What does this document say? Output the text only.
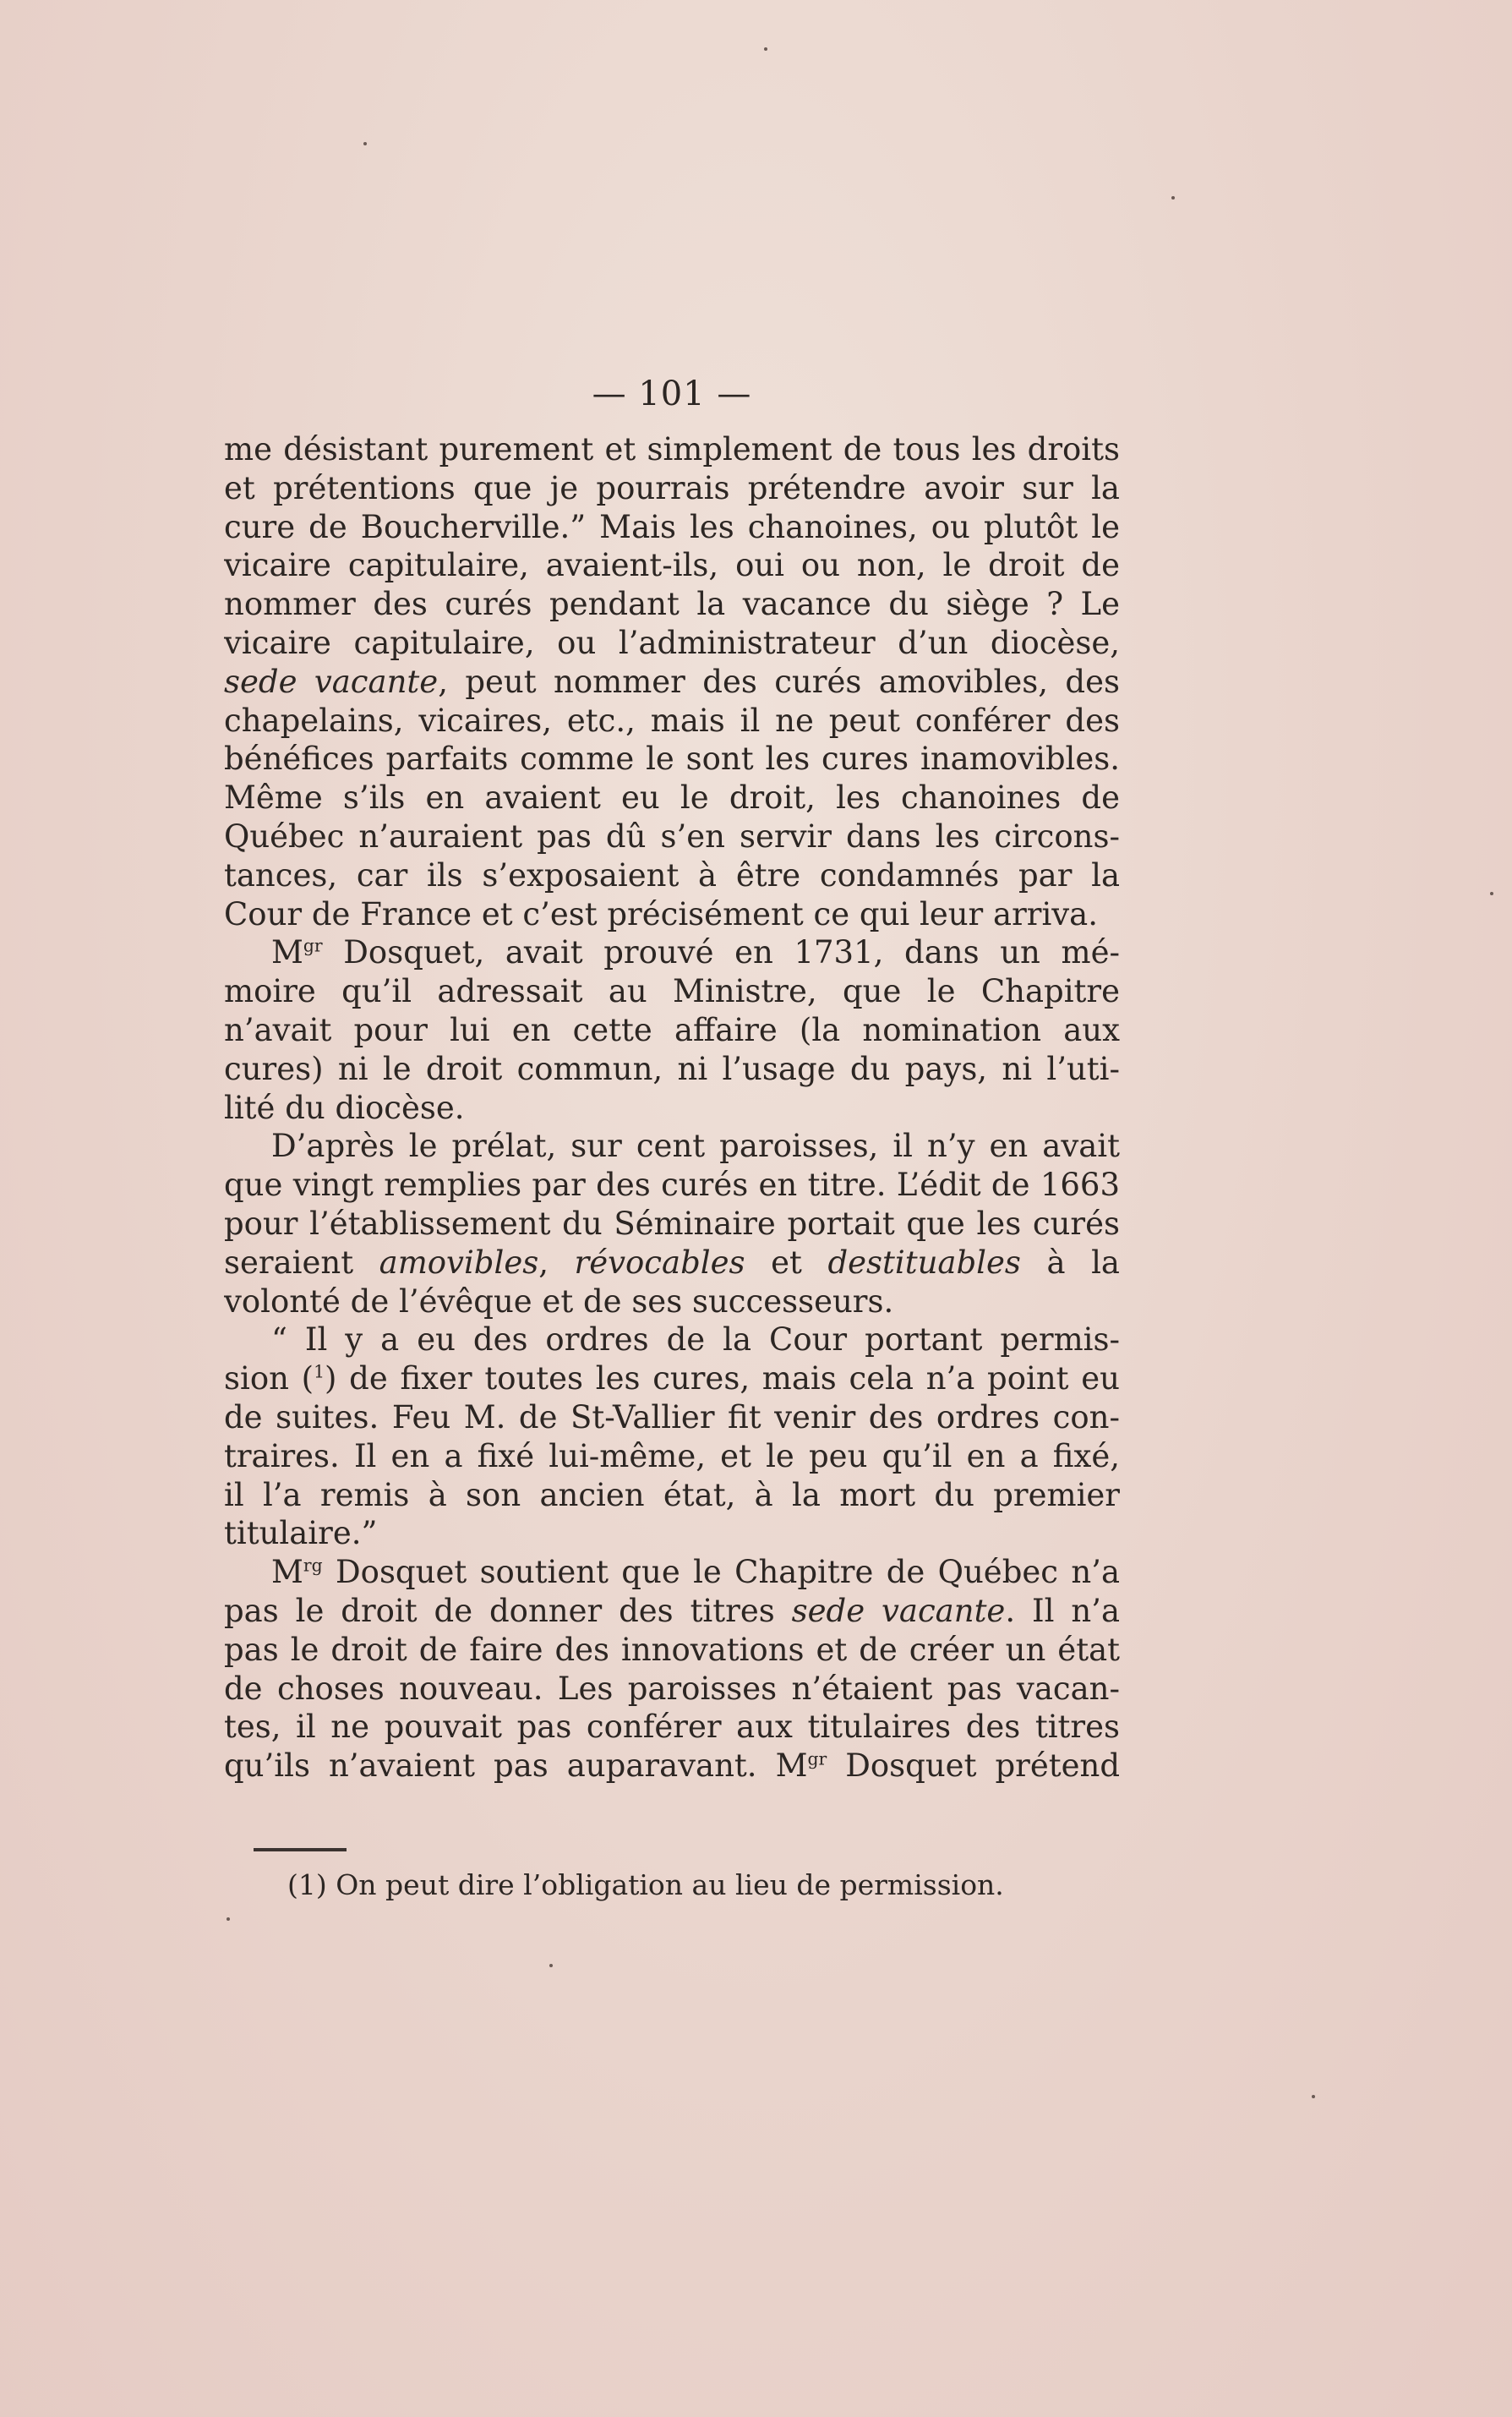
— 101 —
me désistant purement et simplement de tous les droits
et prétentions que je pourrais prétendre avoir sur la
cure de Boucherville.” Mais les chanoines, ou plutôt le
vicaire capitulaire, avaient-ils, oui ou non, le droit de
nommer des curés pendant la vacance du siège ? Le
vicaire capitulaire, ou l’administrateur d’un diocèse,
sede vacante, peut nommer des curés amovibles, des
chapelains, vicaires, etc., mais il ne peut conférer des
bénéfices parfaits comme le sont les cures inamovibles.
Même s’ils en avaient eu le droit, les chanoines de
Québec n’auraient pas dû s’en servir dans les circons-
tances, car ils s’exposaient à être condamnés par la
Cour de France et c’est précisément ce qui leur arriva.
$M^{gr}$ Dosquet, avait prouvé en 1731, dans un mé-
moire qu’il adressait au Ministre, que le Chapitre
n’avait pour lui en cette affaire (la nomination aux
cures) ni le droit commun, ni l’usage du pays, ni l’uti-
lité du diocèse.
D’après le prélat, sur cent paroisses, il n’y en avait
que vingt remplies par des curés en titre. L’édit de 1663
pour l’établissement du Séminaire portait que les curés
seraient amovibles, révocables et destituables à la
volonté de l’évêque et de ses successeurs.
“ Il y a eu des ordres de la Cour portant permis-
sion ($^1$) de fixer toutes les cures, mais cela n’a point eu
de suites. Feu M. de St-Vallier fit venir des ordres con-
traires. Il en a fixé lui-même, et le peu qu’il en a fixé,
il l’a remis à son ancien état, à la mort du premier
titulaire.”
$M^{rg}$ Dosquet soutient que le Chapitre de Québec n’a
pas le droit de donner des titres sede vacante. Il n’a
pas le droit de faire des innovations et de créer un état
de choses nouveau. Les paroisses n’étaient pas vacan-
tes, il ne pouvait pas conférer aux titulaires des titres
qu’ils n’avaient pas auparavant. $M^{gr}$ Dosquet prétend
(1) On peut dire l’obligation au lieu de permission.
